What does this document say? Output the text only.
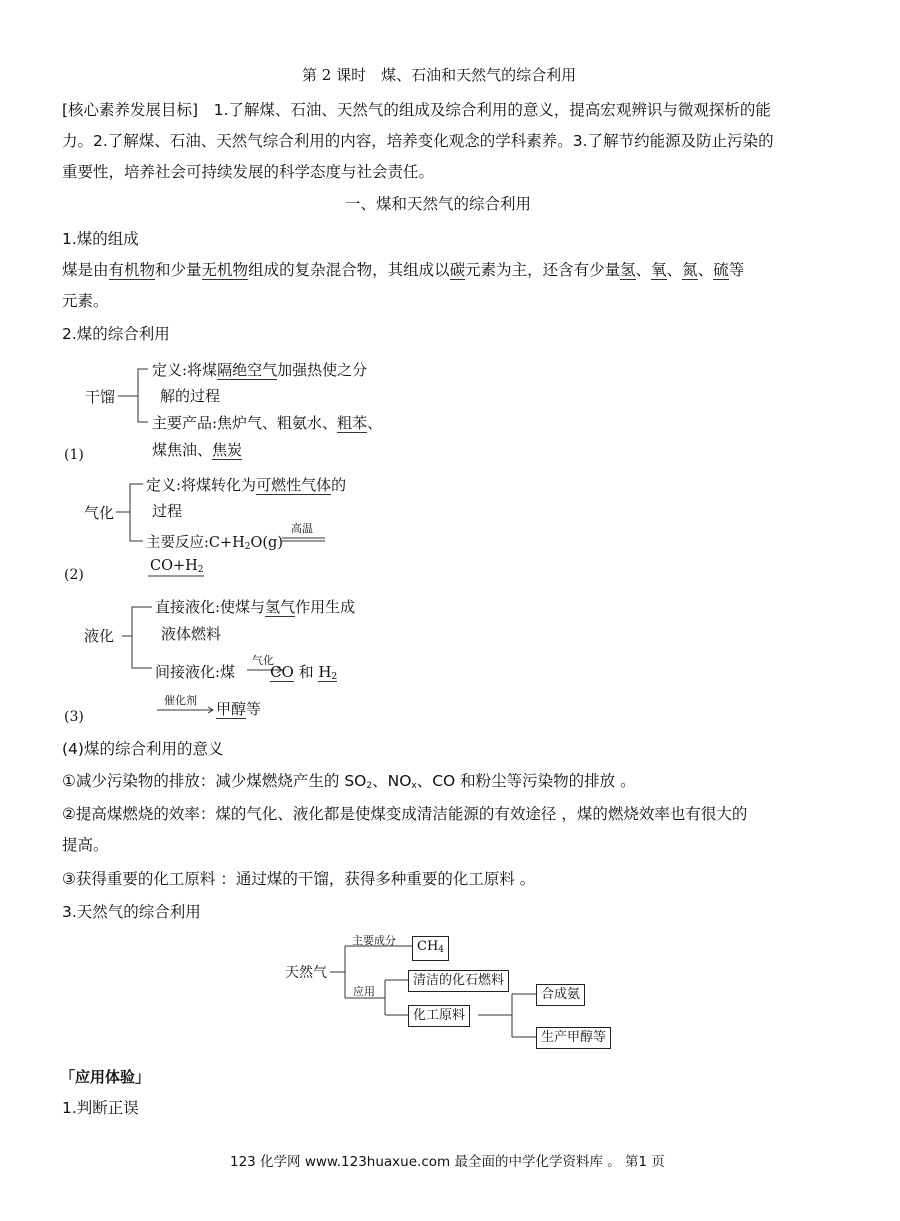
第 2 课时　煤、石油和天然气的综合利用
[核心素养发展目标]　1.了解煤、石油、天然气的组成及综合利用的意义，提高宏观辨识与微观探析的能
力。2.了解煤、石油、天然气综合利用的内容，培养变化观念的学科素养。3.了解节约能源及防止污染的
重要性，培养社会可持续发展的科学态度与社会责任。
一、煤和天然气的综合利用
1.煤的组成
煤是由有机物和少量无机物组成的复杂混合物，其组成以碳元素为主，还含有少量氢、氧、氮、硫等
元素。
2.煤的综合利用
干馏
定义:将煤隔绝空气加强热使之分
解的过程
主要产品:焦炉气、粗氨水、粗苯、
煤焦油、焦炭
(1)
气化
定义:将煤转化为可燃性气体的
过程
主要反应$:C+H_2O(g)$
高温
$CO+H_2$
(2)
液化
直接液化:使煤与氢气作用生成
液体燃料
间接液化:煤 CO 和 $H_2$
气化
催化剂 甲醇等
(3)
(4)煤的综合利用的意义
①减少污染物的排放：减少煤燃烧产生的 $SO_2$、$NO_x$、CO 和粉尘等污染物的排放 。
②提高煤燃烧的效率：煤的气化、液化都是使煤变成清洁能源的有效途径 ，煤的燃烧效率也有很大的
提高。
③获得重要的化工原料 ：通过煤的干馏，获得多种重要的化工原料 。
3.天然气的综合利用
天然气
主要成分	$CH_4$
应用
清洁的化石燃料
化工原料
合成氨
生产甲醇等
「应用体验」
1.判断正误
123 化学网 www.123huaxue.com 最全面的中学化学资料库 。 第1 页
